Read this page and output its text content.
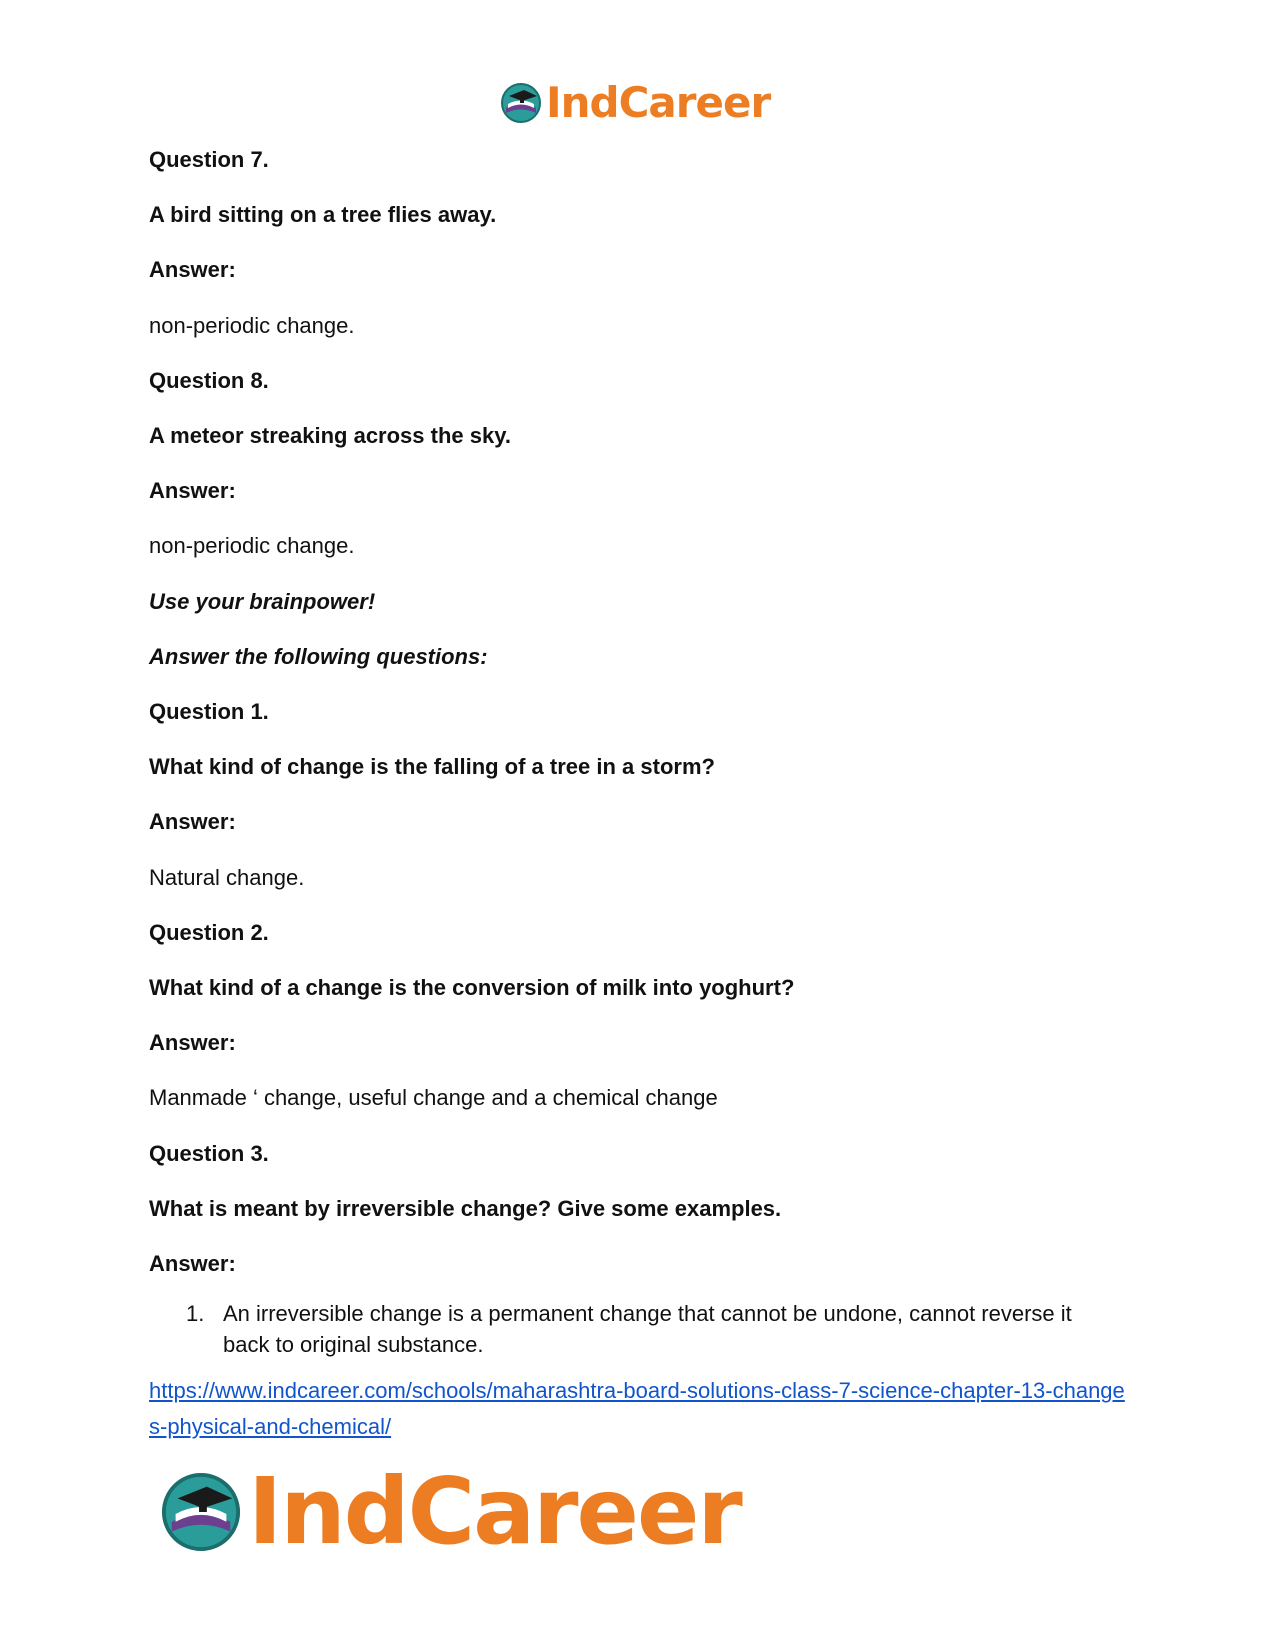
IndCareer

Question 7.

A bird sitting on a tree flies away.

Answer:

non-periodic change.

Question 8.

A meteor streaking across the sky.

Answer:

non-periodic change.

Use your brainpower!

Answer the following questions:

Question 1.

What kind of change is the falling of a tree in a storm?

Answer:

Natural change.

Question 2.

What kind of a change is the conversion of milk into yoghurt?

Answer:

Manmade ‘ change, useful change and a chemical change

Question 3.

What is meant by irreversible change? Give some examples.

Answer:

1. An irreversible change is a permanent change that cannot be undone, cannot reverse it back to original substance.
https://www.indcareer.com/schools/maharashtra-board-solutions-class-7-science-chapter-13-changes-physical-and-chemical/
IndCareer
